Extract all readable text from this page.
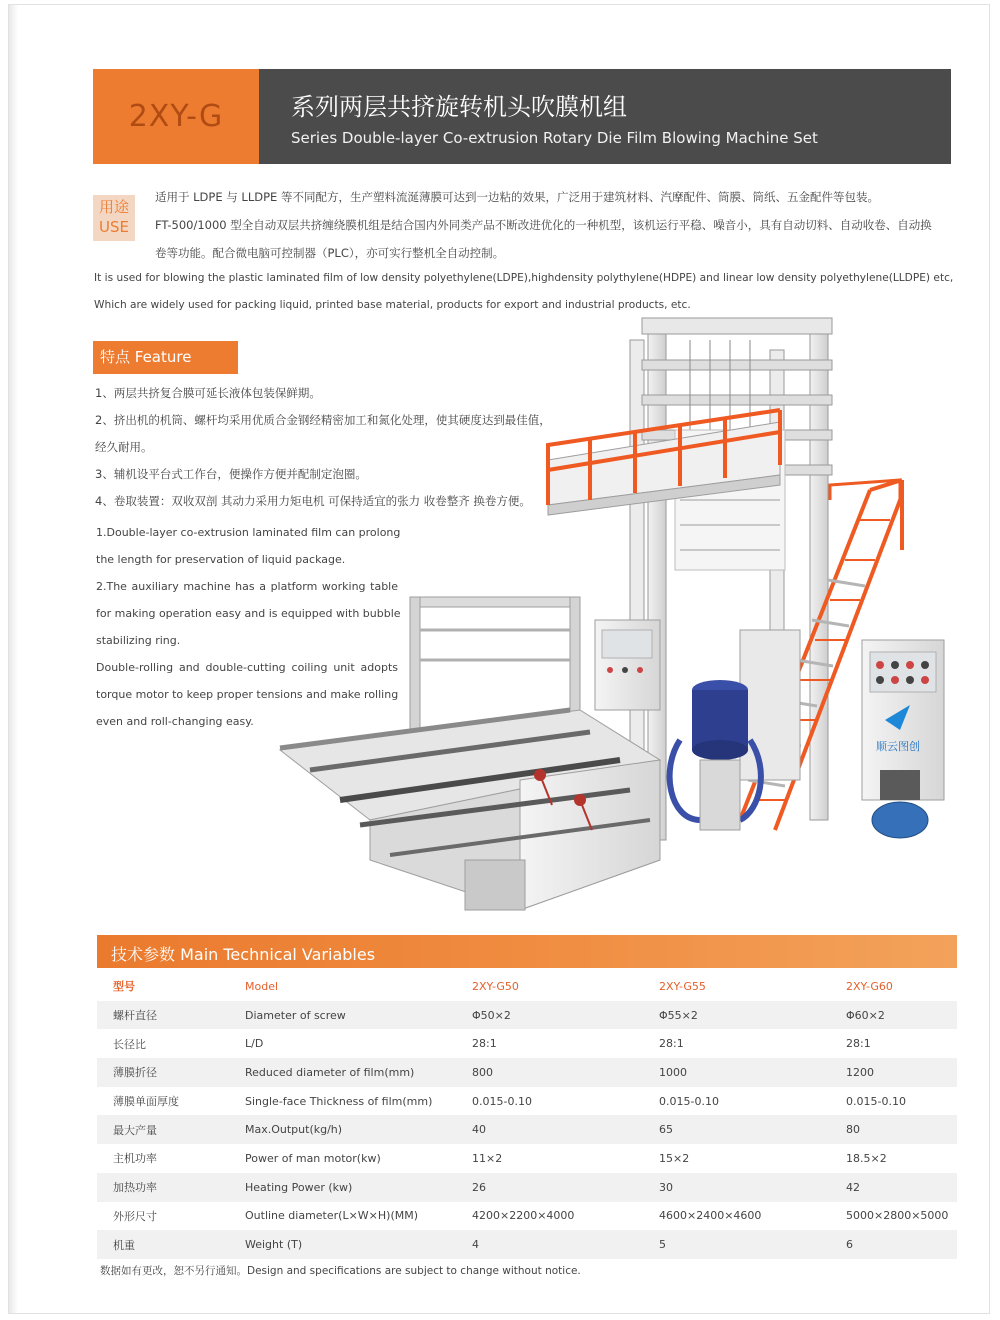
2XY-G	系列两层共挤旋转机头吹膜机组
Series Double-layer Co-extrusion Rotary Die Film Blowing Machine Set
用途
USE
适用于 LDPE 与 LLDPE 等不同配方，生产塑料流涎薄膜可达到一边粘的效果，广泛用于建筑材料、汽摩配件、筒膜、筒纸、五金配件等包装。
FT-500/1000 型全自动双层共挤缠绕膜机组是结合国内外同类产品不断改进优化的一种机型，该机运行平稳、噪音小，具有自动切料、自动收卷、自动换
卷等功能。配合微电脑可控制器（PLC），亦可实行整机全自动控制。
It is used for blowing the plastic laminated film of low density polyethylene(LDPE),highdensity polythylene(HDPE) and linear low density polyethylene(LLDPE) etc,
Which are widely used for packing liquid, printed base material, products for export and industrial products, etc.
特点 Feature
1、两层共挤复合膜可延长液体包装保鲜期。
2、挤出机的机筒、螺杆均采用优质合金钢经精密加工和氮化处理，使其硬度达到最佳值，
经久耐用。
3、辅机设平台式工作台，便操作方便并配制定泡圈。
4、卷取装置：双收双剖 其动力采用力矩电机 可保持适宜的张力 收卷整齐 换卷方便。
1.Double-layer co-extrusion laminated film can prolong
the length for preservation of liquid package.
2.The auxiliary machine has a platform working table
for making operation easy and is equipped with bubble
stabilizing ring.
Double-rolling and double-cutting coiling unit adopts
torque motor to keep proper tensions and make rolling
even and roll-changing easy.
顺云图创
技术参数 Main Technical Variables
型号	Model	2XY-G50	2XY-G55	2XY-G60
螺杆直径	Diameter of screw	Φ50×2	Φ55×2	Φ60×2
长径比	L/D	28:1	28:1	28:1
薄膜折径	Reduced diameter of film(mm)	800	1000	1200
薄膜单面厚度	Single-face Thickness of film(mm)	0.015-0.10	0.015-0.10	0.015-0.10
最大产量	Max.Output(kg/h)	40	65	80
主机功率	Power of man motor(kw)	11×2	15×2	18.5×2
加热功率	Heating Power (kw)	26	30	42
外形尺寸	Outline diameter(L×W×H)(MM)	4200×2200×4000	4600×2400×4600	5000×2800×5000
机重	Weight (T)	4	5	6
数据如有更改，恕不另行通知。Design and specifications are subject to change without notice.
